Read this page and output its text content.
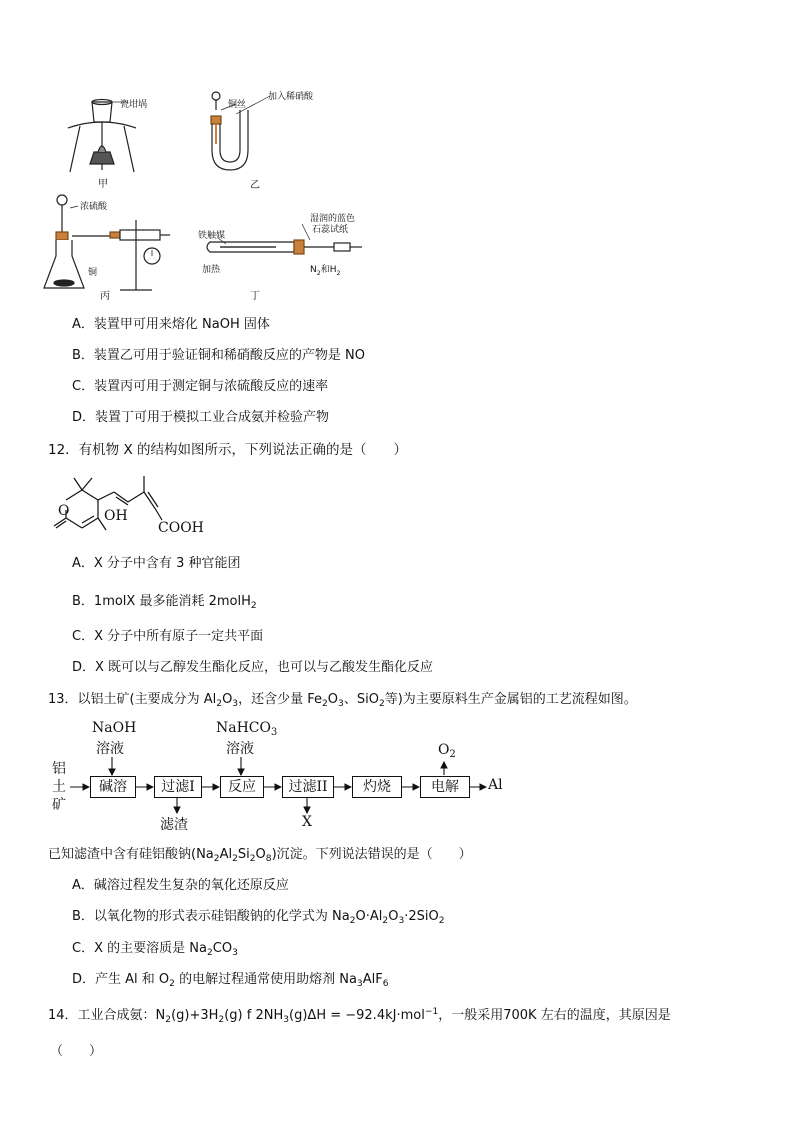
瓷坩埚
甲
铜丝
加入稀硝酸
乙
浓硫酸
铜
丙
铁触媒
加热
湿润的蓝色
石蕊试纸
$N_2$和$H_2$
丁
A．装置甲可用来熔化 NaOH 固体
B．装置乙可用于验证铜和稀硝酸反应的产物是 NO
C．装置丙可用于测定铜与浓硫酸反应的速率
D．装置丁可用于模拟工业合成氨并检验产物
12．有机物 X 的结构如图所示，下列说法正确的是（　　）
O OH
COOH
A．X 分子中含有 3 种官能团
B．1molX 最多能消耗 2molH$_2$
C．X 分子中所有原子一定共平面
D．X 既可以与乙醇发生酯化反应，也可以与乙酸发生酯化反应
13．以铝土矿(主要成分为 $Al_2O_3$，还含少量 $Fe_2O_3$、SiO$_2$等)为主要原料生产金属铝的工艺流程如图。
NaOH
溶液
NaHCO$_3$
溶液	$O_2$
铝
土
矿
碱溶	过滤I	反应	过滤II	灼烧	电解	Al
滤渣	X
已知滤渣中含有硅铝酸钠$(Na_2Al_2Si_2O_8)$沉淀。下列说法错误的是（　　）
A．碱溶过程发生复杂的氧化还原反应
B．以氧化物的形式表示硅铝酸钠的化学式为 $Na_2O\cdot Al_2O_3\cdot 2SiO_2$
C．X 的主要溶质是 $Na_2CO_3$
D．产生 Al 和 $O_2$ 的电解过程通常使用助熔剂 $Na_3AlF_6$
14．工业合成氨：$N_2(g)+3H_2(g)$ f $2NH_3(g)\Delta H = -92.4kJ\cdot mol^{-1}$，一般采用700K 左右的温度，其原因是
（　　）
